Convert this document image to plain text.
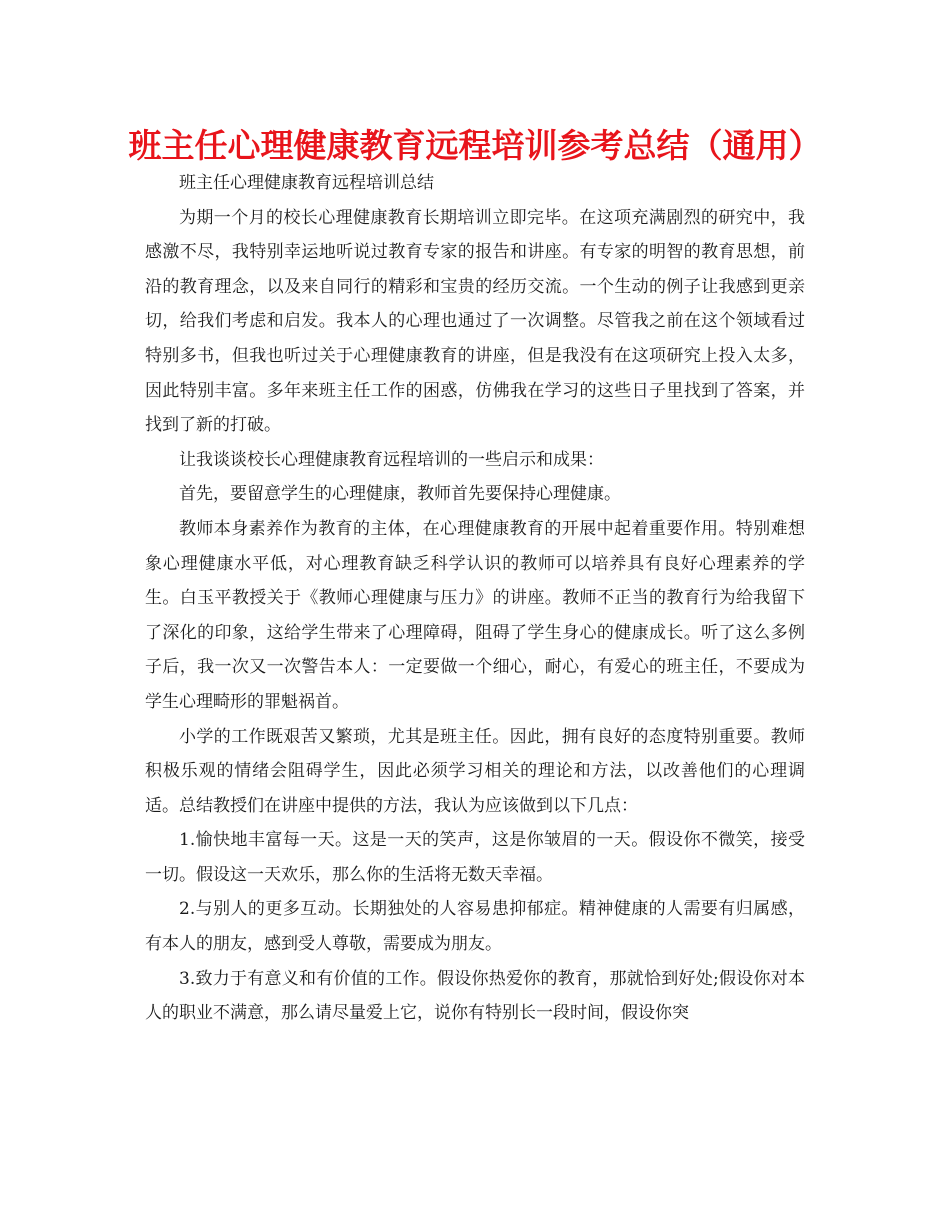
班主任心理健康教育远程培训参考总结（通用）

班主任心理健康教育远程培训总结

为期一个月的校长心理健康教育长期培训立即完毕。在这项充满剧烈的研究中，我感激不尽，我特别幸运地听说过教育专家的报告和讲座。有专家的明智的教育思想，前沿的教育理念，以及来自同行的精彩和宝贵的经历交流。一个生动的例子让我感到更亲切，给我们考虑和启发。我本人的心理也通过了一次调整。尽管我之前在这个领域看过特别多书，但我也听过关于心理健康教育的讲座，但是我没有在这项研究上投入太多，因此特别丰富。多年来班主任工作的困惑，仿佛我在学习的这些日子里找到了答案，并找到了新的打破。

让我谈谈校长心理健康教育远程培训的一些启示和成果：

首先，要留意学生的心理健康，教师首先要保持心理健康。

教师本身素养作为教育的主体，在心理健康教育的开展中起着重要作用。特别难想象心理健康水平低，对心理教育缺乏科学认识的教师可以培养具有良好心理素养的学生。白玉平教授关于《教师心理健康与压力》的讲座。教师不正当的教育行为给我留下了深化的印象，这给学生带来了心理障碍，阻碍了学生身心的健康成长。听了这么多例子后，我一次又一次警告本人：一定要做一个细心，耐心，有爱心的班主任，不要成为学生心理畸形的罪魁祸首。

小学的工作既艰苦又繁琐，尤其是班主任。因此，拥有良好的态度特别重要。教师积极乐观的情绪会阻碍学生，因此必须学习相关的理论和方法，以改善他们的心理调适。总结教授们在讲座中提供的方法，我认为应该做到以下几点：

1.愉快地丰富每一天。这是一天的笑声，这是你皱眉的一天。假设你不微笑，接受一切。假设这一天欢乐，那么你的生活将无数天幸福。

2.与别人的更多互动。长期独处的人容易患抑郁症。精神健康的人需要有归属感，有本人的朋友，感到受人尊敬，需要成为朋友。

3.致力于有意义和有价值的工作。假设你热爱你的教育，那就恰到好处;假设你对本人的职业不满意，那么请尽量爱上它，说你有特别长一段时间，假设你突
